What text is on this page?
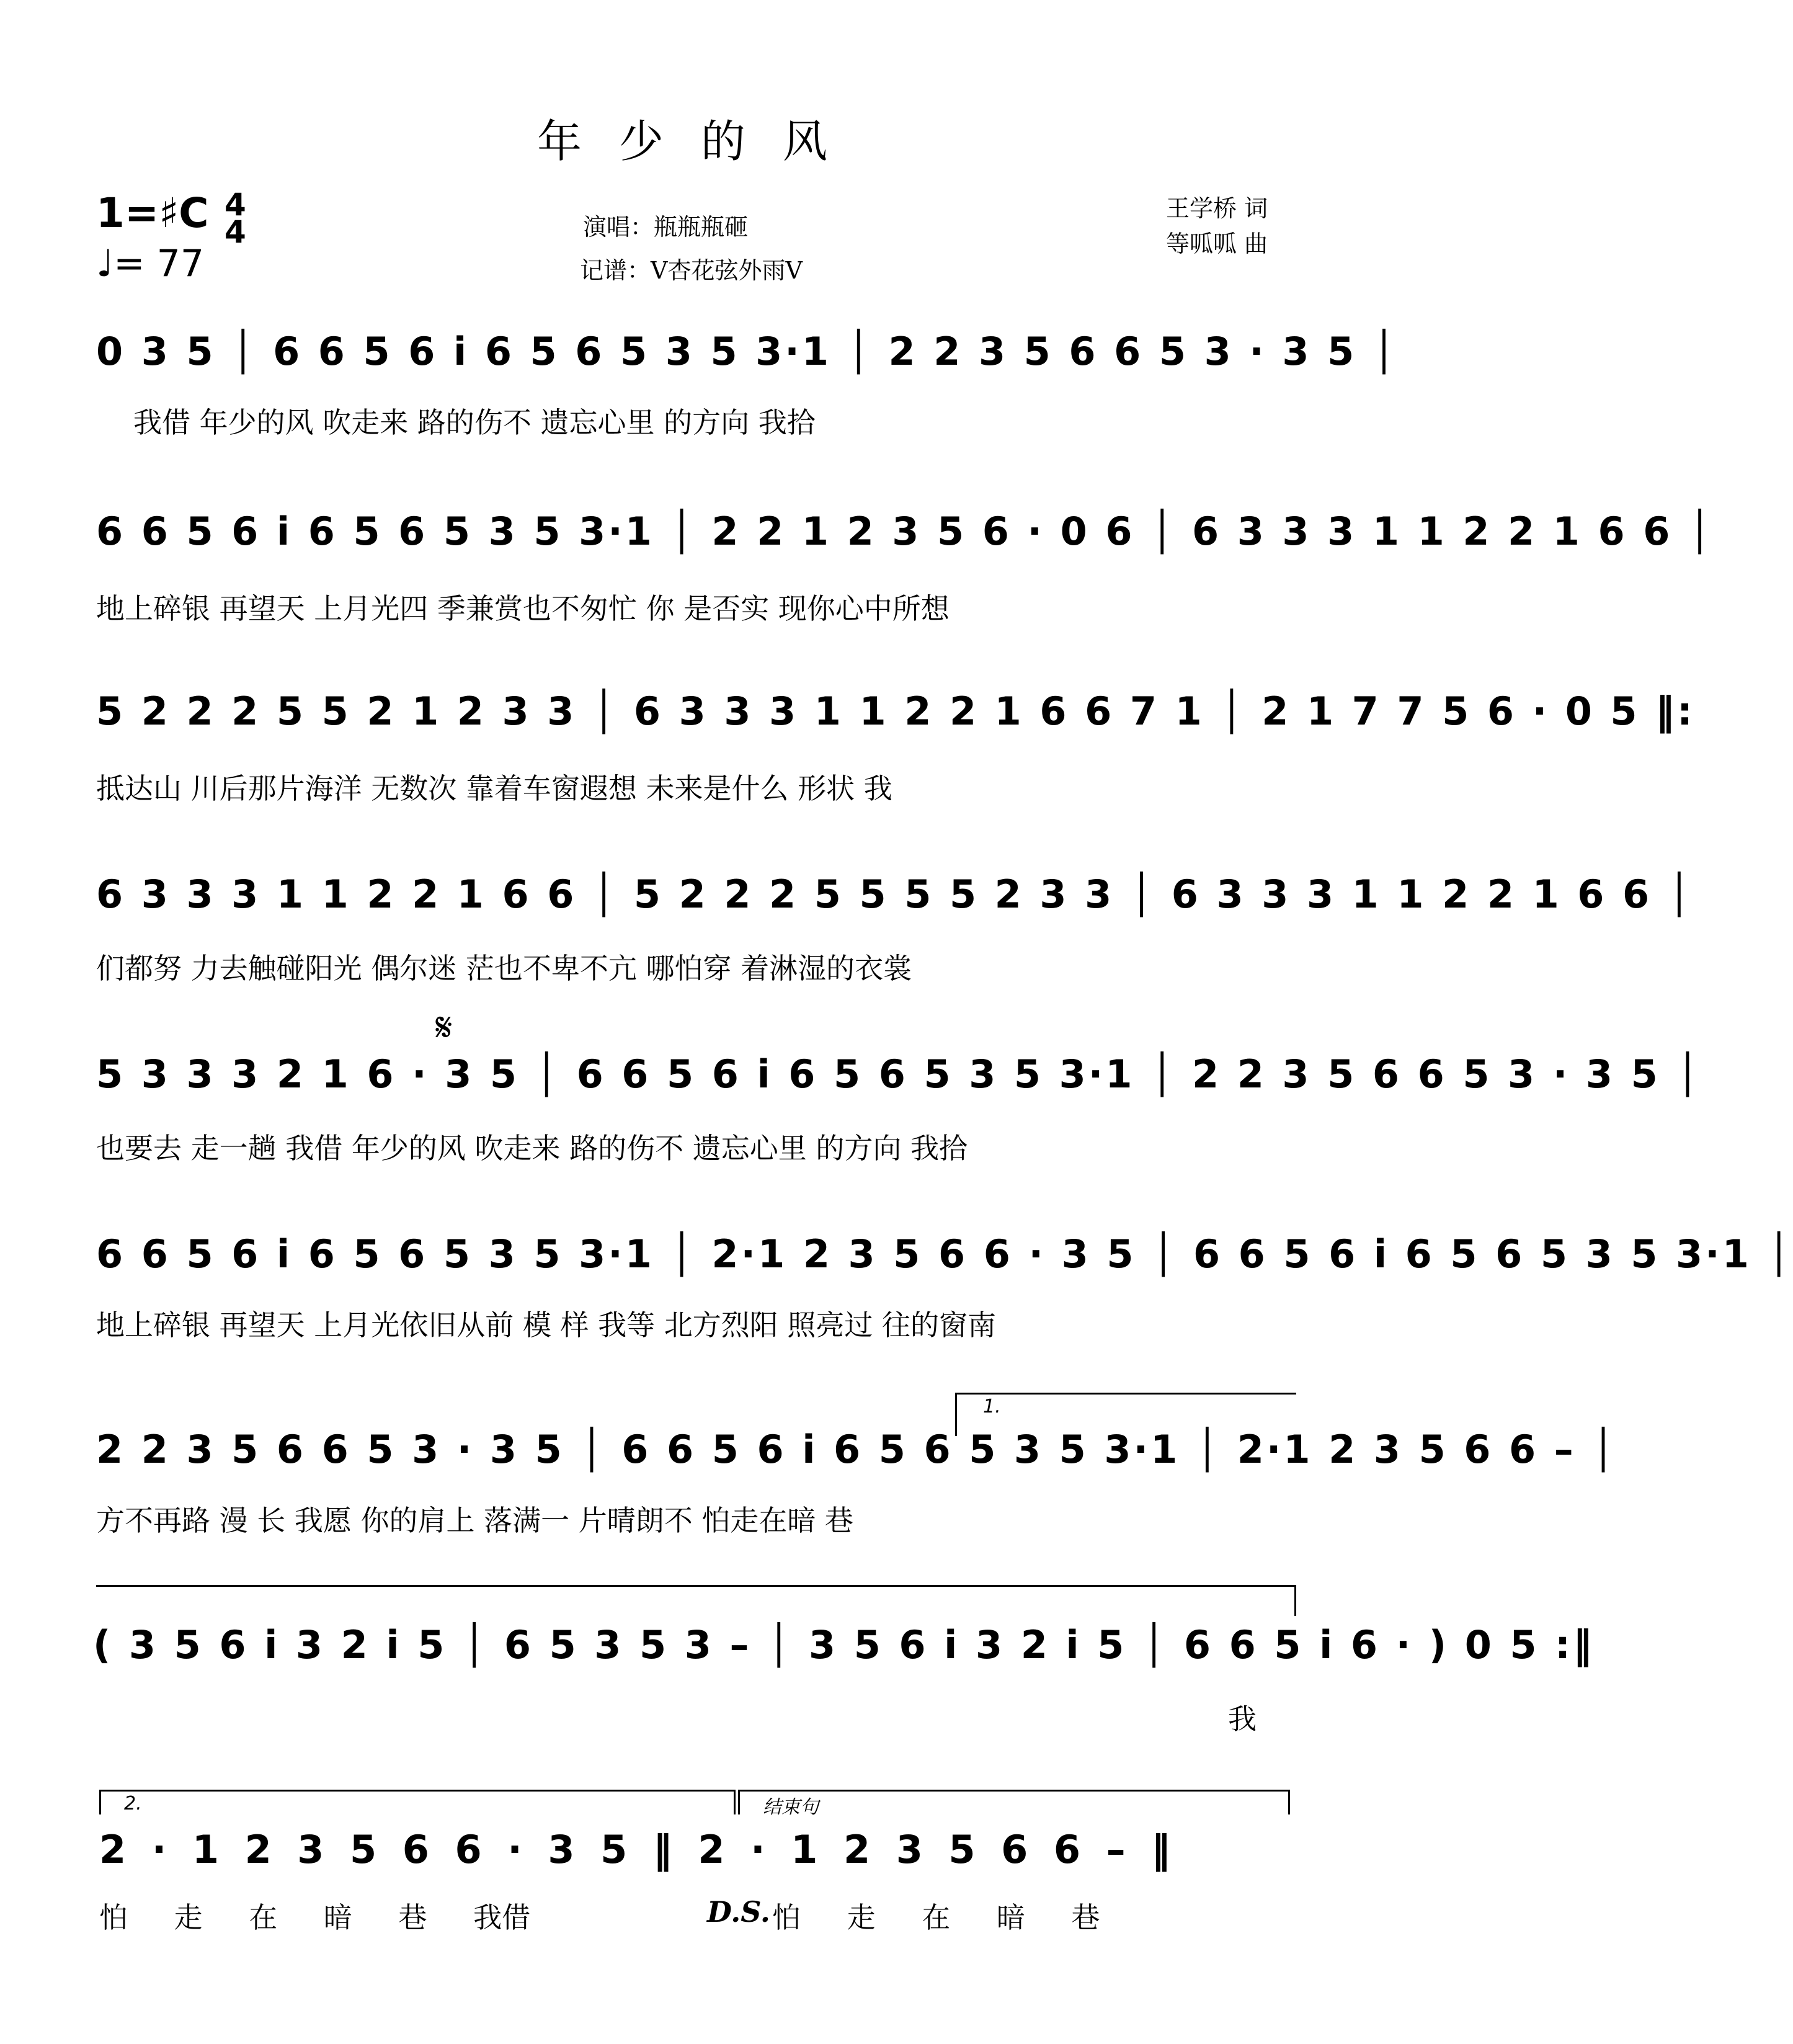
年少的风
1=♯C 4
4
♩= 77
演唱：瓶瓶瓶砸
记谱：V杏花弦外雨V
王学桥 词
等呱呱 曲
0 3 5 │ 6 6 5 6 i 6 5 6 5 3 5 3·1 │ 2 2 3 5 6 6 5 3 · 3 5 │
我借 年少的风 吹走来 路的伤不 遗忘心里 的方向 我拾
6 6 5 6 i 6 5 6 5 3 5 3·1 │ 2 2 1 2 3 5 6 · 0 6 │ 6 3 3 3 1 1 2 2 1 6 6 │
地上碎银 再望天 上月光四 季兼赏也不匆忙 你 是否实 现你心中所想
5 2 2 2 5 5 2 1 2 3 3 │ 6 3 3 3 1 1 2 2 1 6 6 7 1 │ 2 1 7 7 5 6 · 0 5 ‖:
抵达山 川后那片海洋 无数次 靠着车窗遐想 未来是什么 形状 我
6 3 3 3 1 1 2 2 1 6 6 │ 5 2 2 2 5 5 5 5 2 3 3 │ 6 3 3 3 1 1 2 2 1 6 6 │
们都努 力去触碰阳光 偶尔迷 茫也不卑不亢 哪怕穿 着淋湿的衣裳
𝄋
5 3 3 3 2 1 6 · 3 5 │ 6 6 5 6 i 6 5 6 5 3 5 3·1 │ 2 2 3 5 6 6 5 3 · 3 5 │
也要去 走一趟 我借 年少的风 吹走来 路的伤不 遗忘心里 的方向 我拾
6 6 5 6 i 6 5 6 5 3 5 3·1 │ 2·1 2 3 5 6 6 · 3 5 │ 6 6 5 6 i 6 5 6 5 3 5 3·1 │
地上碎银 再望天 上月光依旧从前 模 样 我等 北方烈阳 照亮过 往的窗南
1.
2 2 3 5 6 6 5 3 · 3 5 │ 6 6 5 6 i 6 5 6 5 3 5 3·1 │ 2·1 2 3 5 6 6 – │
方不再路 漫 长 我愿 你的肩上 落满一 片晴朗不 怕走在暗 巷
( 3 5 6 i 3 2 i 5 │ 6 5 3 5 3 – │ 3 5 6 i 3 2 i 5 │ 6 6 5 i 6 · ) 0 5 :‖
我
2.	结束句
2 · 1 2 3 5 6 6 · 3 5 ‖ 2 · 1 2 3 5 6 6 – ‖
怕 走 在 暗 巷 我借	D.S. 怕 走 在 暗 巷
